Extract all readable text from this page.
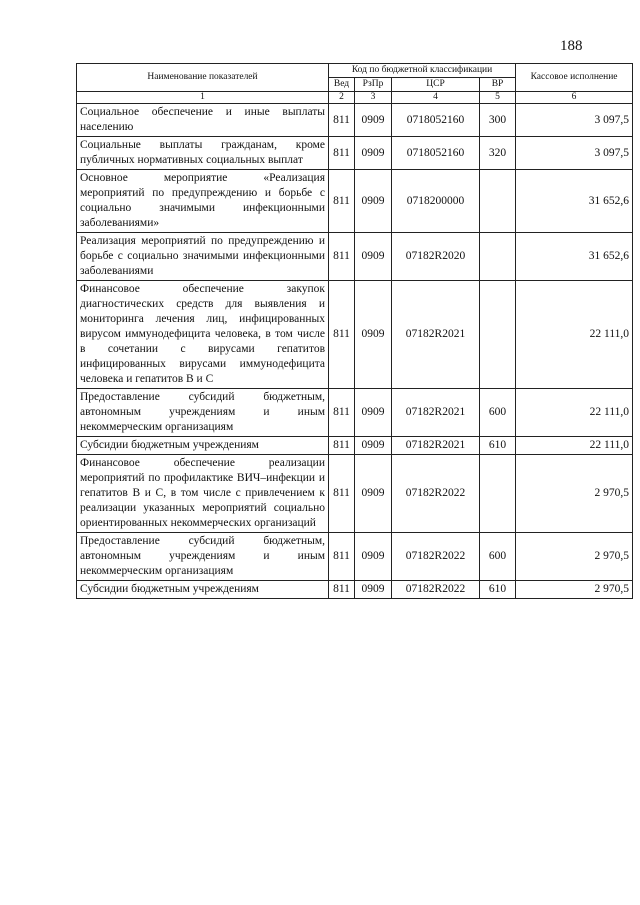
188
Наименование показателей	Код по бюджетной классификации				Кассовое исполнение
	Вед	РзПр	ЦСР	ВР	
1	2	3	4	5	6
Социальное обеспечение и иные выплаты населению	811	0909	0718052160	300	3 097,5
Социальные выплаты гражданам, кроме публичных нормативных социальных выплат	811	0909	0718052160	320	3 097,5
Основное мероприятие «Реализация мероприятий по предупреждению и борьбе с социально значимыми инфекционными заболеваниями»	811	0909	0718200000		31 652,6
Реализация мероприятий по предупреждению и борьбе с социально значимыми инфекционными заболеваниями	811	0909	07182R2020		31 652,6
Финансовое обеспечение закупок диагностических средств для выявления и мониторинга лечения лиц, инфицированных вирусом иммунодефицита человека, в том числе в сочетании с вирусами гепатитов инфицированных вирусами иммунодефицита человека и гепатитов В и С	811	0909	07182R2021		22 111,0
Предоставление субсидий бюджетным, автономным учреждениям и иным некоммерческим организациям	811	0909	07182R2021	600	22 111,0
Субсидии бюджетным учреждениям	811	0909	07182R2021	610	22 111,0
Финансовое обеспечение реализации мероприятий по профилактике ВИЧ–инфекции и гепатитов В и С, в том числе с привлечением к реализации указанных мероприятий социально ориентированных некоммерческих организаций	811	0909	07182R2022		2 970,5
Предоставление субсидий бюджетным, автономным учреждениям и иным некоммерческим организациям	811	0909	07182R2022	600	2 970,5
Субсидии бюджетным учреждениям	811	0909	07182R2022	610	2 970,5
